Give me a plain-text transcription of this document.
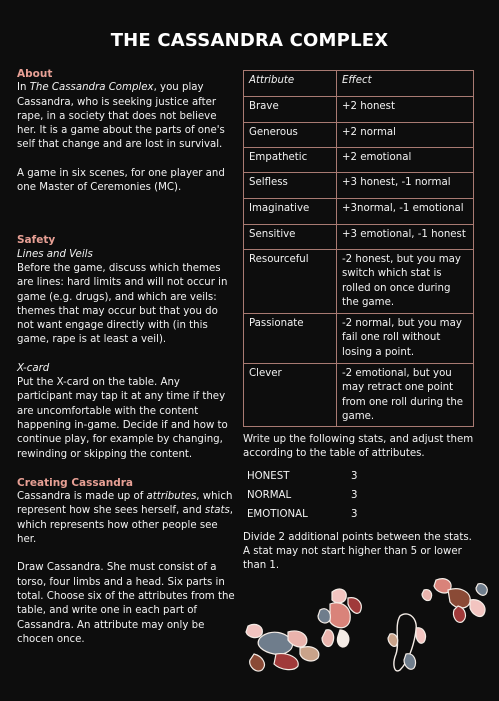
THE CASSANDRA COMPLEX

About

In The Cassandra Complex, you play Cassandra, who is seeking justice after rape, in a society that does not believe her. It is a game about the parts of one's self that change and are lost in survival.

A game in six scenes, for one player and one Master of Ceremonies (MC).

Safety

Lines and Veils

Before the game, discuss which themes are lines: hard limits and will not occur in game (e.g. drugs), and which are veils: themes that may occur but that you do not want engage directly with (in this game, rape is at least a veil).

X-card

Put the X-card on the table. Any participant may tap it at any time if they are uncomfortable with the content happening in-game. Decide if and how to continue play, for example by changing, rewinding or skipping the content.

Creating Cassandra

Cassandra is made up of attributes, which represent how she sees herself, and stats, which represents how other people see her.

Draw Cassandra. She must consist of a torso, four limbs and a head. Six parts in total. Choose six of the attributes from the table, and write one in each part of Cassandra. An attribute may only be chocen once.

Attribute	Effect
Brave	+2 honest
Generous	+2 normal
Empathetic	+2 emotional
Selfless	+3 honest, -1 normal
Imaginative	+3normal, -1 emotional
Sensitive	+3 emotional, -1 honest
Resourceful	-2 honest, but you may switch which stat is rolled on once during the game.
Passionate	-2 normal, but you may fail one roll without losing a point.
Clever	-2 emotional, but you may retract one point from one roll during the game.

Write up the following stats, and adjust them according to the table of attributes.

HONEST	3
NORMAL	3
EMOTIONAL	3

Divide 2 additional points between the stats. A stat may not start higher than 5 or lower than 1.
